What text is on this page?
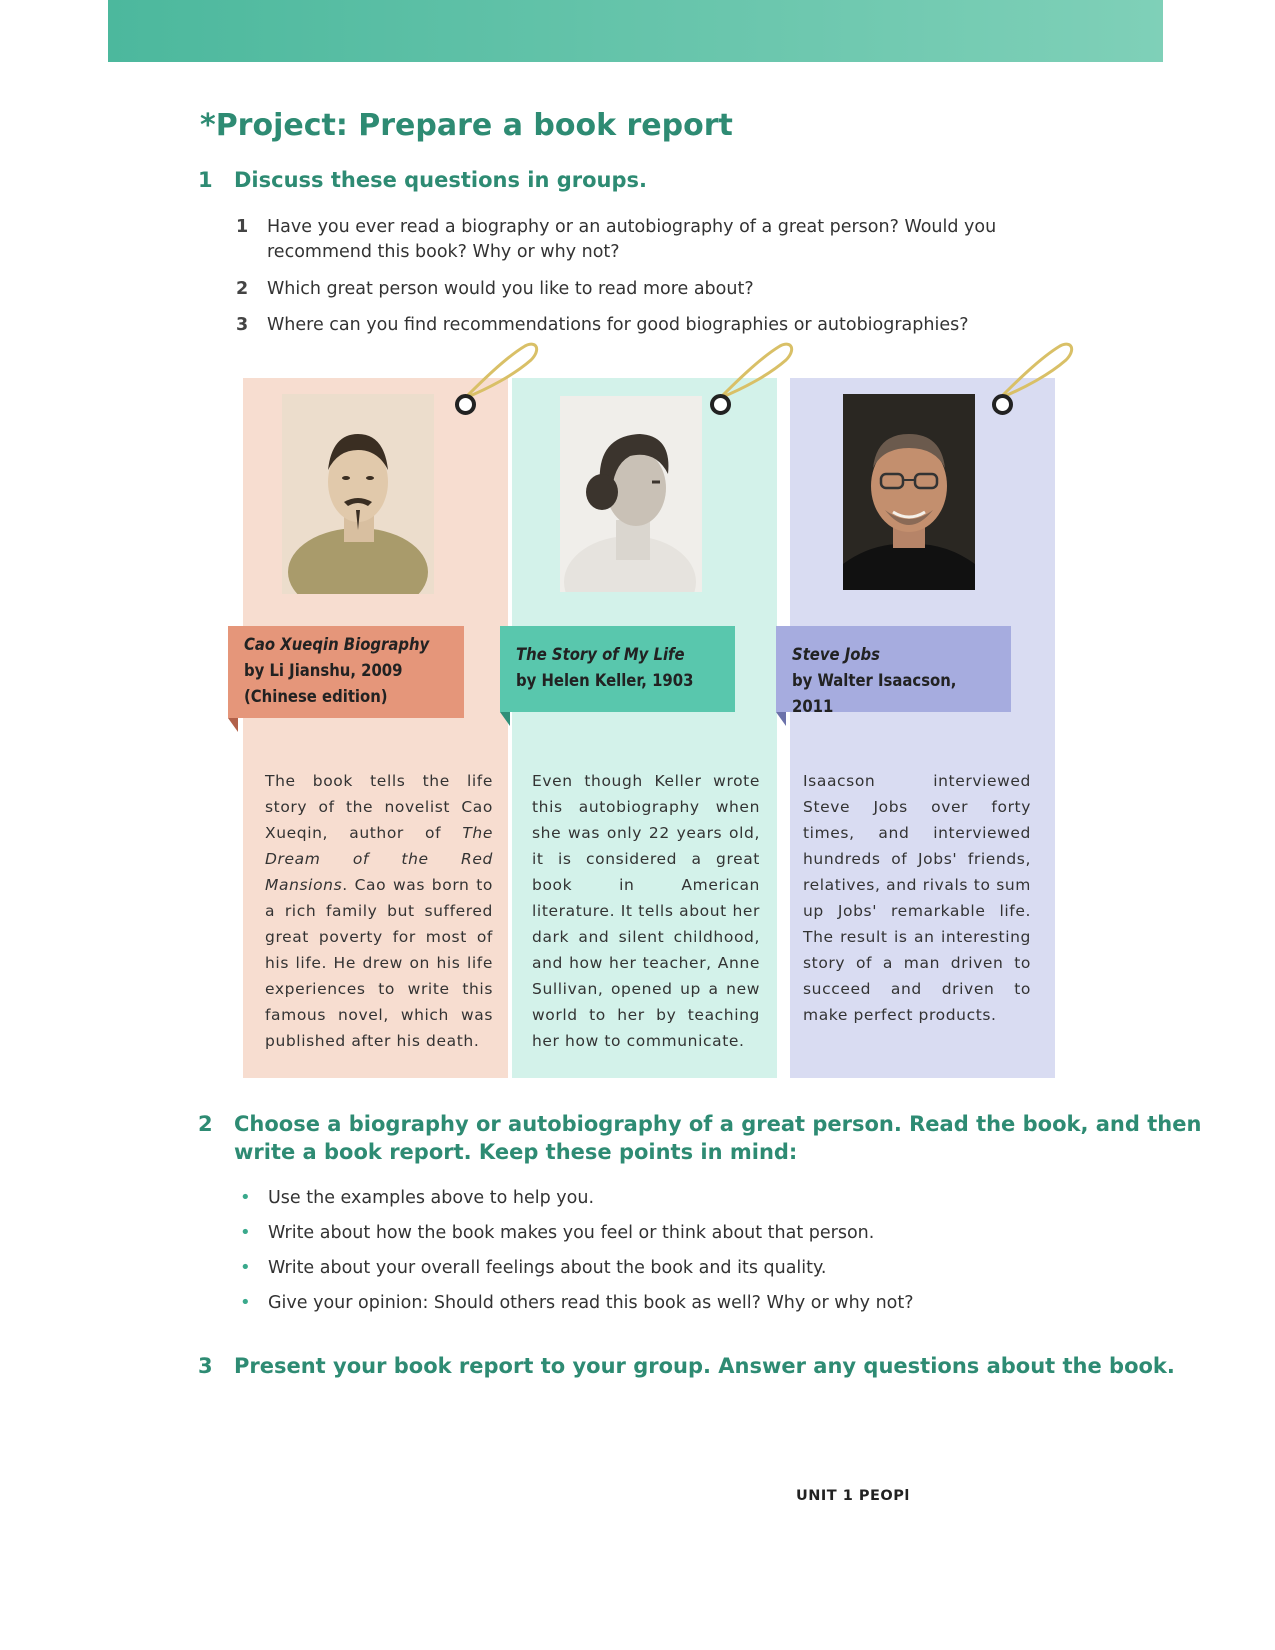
*Project: Prepare a book report
1 Discuss these questions in groups.
1	Have you ever read a biography or an autobiography of a great person? Would you recommend this book? Why or why not?
2	Which great person would you like to read more about?
3	Where can you find recommendations for good biographies or autobiographies?
Cao Xueqin Biography
by Li Jianshu, 2009
(Chinese edition)
The Story of My Life
by Helen Keller, 1903
Steve Jobs
by Walter Isaacson, 2011
The book tells the life story of the novelist Cao Xueqin, author of The Dream of the Red Mansions. Cao was born to a rich family but suffered great poverty for most of his life. He drew on his life experiences to write this famous novel, which was published after his death.
Even though Keller wrote this autobiography when she was only 22 years old, it is considered a great book in American literature. It tells about her dark and silent childhood, and how her teacher, Anne Sullivan, opened up a new world to her by teaching her how to communicate.
Isaacson interviewed Steve Jobs over forty times, and interviewed hundreds of Jobs' friends, relatives, and rivals to sum up Jobs' remarkable life. The result is an interesting story of a man driven to succeed and driven to make perfect products.
2 Choose a biography or autobiography of a great person. Read the book, and then
write a book report. Keep these points in mind:
• Use the examples above to help you.
• Write about how the book makes you feel or think about that person.
• Write about your overall feelings about the book and its quality.
• Give your opinion: Should others read this book as well? Why or why not?
3 Present your book report to your group. Answer any questions about the book.
UNIT 1 PEOPl
